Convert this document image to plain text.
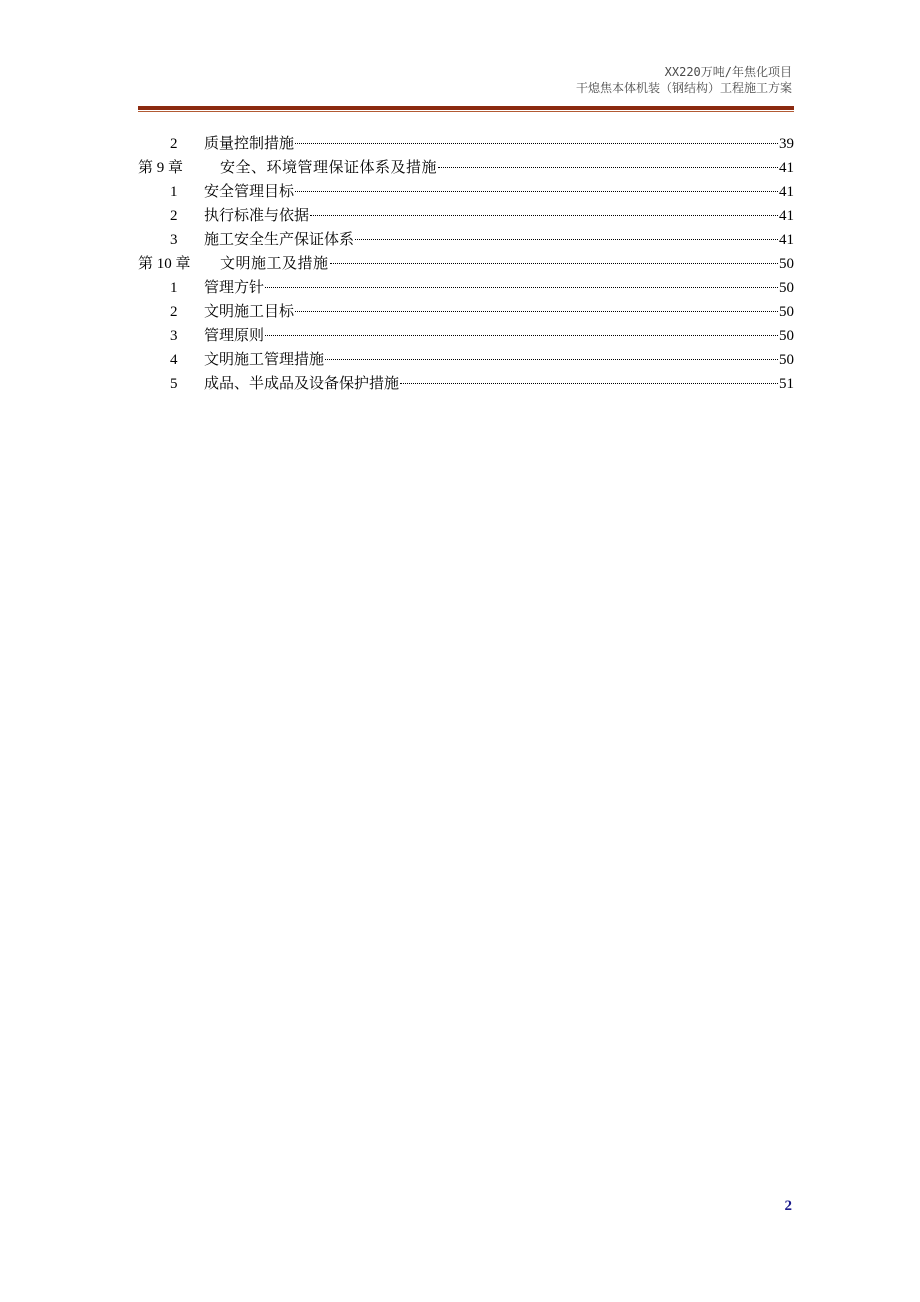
XX220万吨/年焦化项目
干熄焦本体机装（钢结构）工程施工方案
2	质量控制措施	39
第 9 章	安全、环境管理保证体系及措施	41
1	安全管理目标	41
2	执行标准与依据	41
3	施工安全生产保证体系	41
第 10 章	文明施工及措施	50
1	管理方针	50
2	文明施工目标	50
3	管理原则	50
4	文明施工管理措施	50
5	成品、半成品及设备保护措施	51
2
